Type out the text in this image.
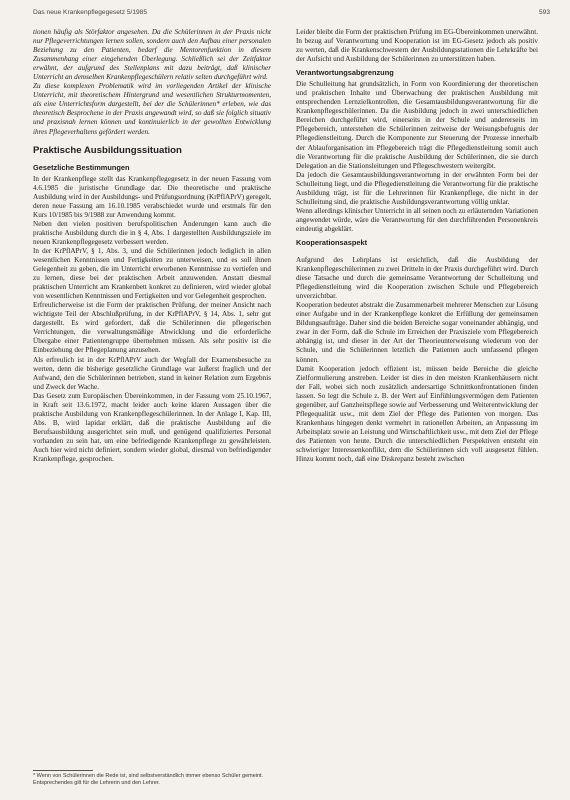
Das neue Krankenpflegegesetz 5/1985	593

tionen häufig als Störfaktor angesehen. Da die Schülerinnen in der Praxis nicht nur Pflegeverrichtungen lernen sollen, sondern auch den Aufbau einer personalen Beziehung zu den Patienten, bedarf die Mentorenfunktion in diesem Zusammenhang einer eingehenden Überlegung. Schließlich sei der Zeitfaktor erwähnt, der aufgrund des Stellenplans mit dazu beiträgt, daß klinischer Unterricht an demselben Krankenpflegeschülern relativ selten durchgeführt wird.

Zu diese komplexen Problematik wird im vorliegenden Artikel der klinische Unterricht, mit theoretischem Hintergrund und wesentlichen Strukturmomenten, als eine Unterrichtsform dargestellt, bei der die Schülerinnen* erleben, wie das theoretisch Besprochene in der Praxis angewandt wird, so daß sie folglich situativ und praxisnah lernen können und kontinuierlich in der gewollten Entwicklung ihres Pflegeverhaltens gefördert werden.

Praktische Ausbildungssituation
Gesetzliche Bestimmungen

In der Krankenpflege stellt das Krankenpflegegesetz in der neuen Fassung vom 4.6.1985 die juristische Grundlage dar. Die theoretische und praktische Ausbildung wird in der Ausbildungs- und Prüfungsordnung (KrPflAPrV) geregelt, deren neue Fassung am 16.10.1985 verabschiedet wurde und erstmals für den Kurs 10/1985 bis 9/1988 zur Anwendung kommt.

Neben den vielen positiven berufspolitischen Änderungen kann auch die praktische Ausbildung durch die in § 4, Abs. 1 dargestellten Ausbildungsziele im neuen Krankenpflegegesetz verbessert werden.

In der KrPflAPrV, § 1, Abs. 3, und die Schülerinnen jedoch lediglich in allen wesentlichen Kenntnissen und Fertigkeiten zu unterweisen, und es soll ihnen Gelegenheit zu geben, die im Unterricht erworbenen Kenntnisse zu vertiefen und zu lernen, diese bei der praktischen Arbeit anzuwenden. Anstatt diesmal praktischen Unterricht am Krankenbett konkret zu definieren, wird wieder global von wesentlichen Kenntnissen und Fertigkeiten und vor Gelegenheit gesprochen.

Erfreulicherweise ist die Form der praktischen Prüfung, der meiner Ansicht nach wichtigste Teil der Abschlußprüfung, in der KrPflAPrV, § 14, Abs. 1, sehr gut dargestellt. Es wird gefordert, daß die Schülerinnen die pflegerischen Verrichtungen, die verwaltungsmäßige Abwicklung und die erforderliche Übergabe einer Patientengruppe übernehmen müssen. Als sehr positiv ist die Einbeziehung der Pflegeplanung anzusehen.

Als erfreulich ist in der KrPflAPrV auch der Wegfall der Examensbesuche zu werten, denn die bisherige gesetzliche Grundlage war äußerst fraglich und der Aufwand, den die Schülerinnen betrieben, stand in keiner Relation zum Ergebnis und Zweck der Wache.

Das Gesetz zum Europäischen Übereinkommen, in der Fassung vom 25.10.1967, in Kraft seit 13.6.1972, macht leider auch keine klaren Aussagen über die praktische Ausbildung von Krankenpflegeschülerinnen. In der Anlage I, Kap. III, Abs. B, wird lapidar erklärt, daß die praktische Ausbildung auf die Berufsausbildung ausgerichtet sein muß, und genügend qualifiziertes Personal vorhanden zu sein hat, um eine befriedigende Krankenpflege zu gewährleisten. Auch hier wird nicht definiert, sondern wieder global, diesmal von befriedigender Krankenpflege, gesprochen.

Leider bleibt die Form der praktischen Prüfung im EG-Übereinkommen unerwähnt. In bezug auf Verantwortung und Kooperation ist im EG-Gesetz jedoch als positiv zu werten, daß die Krankenschwestern der Ausbildungsstationen die Lehrkräfte bei der Aufsicht und Ausbildung der Schülerinnen zu unterstützen haben.

Verantwortungsabgrenzung

Die Schulleitung hat grundsätzlich, in Form von Koordinierung der theoretischen und praktischen Inhalte und Überwachung der praktischen Ausbildung mit entsprechenden Lernzielkontrollen, die Gesamtausbildungsverantwortung für die Krankenpflegeschülerinnen. Da die Ausbildung jedoch in zwei unterschiedlichen Bereichen durchgeführt wird, einerseits in der Schule und andererseits im Pflegebereich, unterstehen die Schülerinnen zeitweise der Weisungsbefugnis der Pflegedienstleitung. Durch die Komponente zur Steuerung der Prozesse innerhalb der Ablauforganisation im Pflegebereich trägt die Pflegedienstleitung somit auch die Verantwortung für die praktische Ausbildung der Schülerinnen, die sie durch Delegation an die Stationsleitungen und Pflegeschwestern weitergibt.

Da jedoch die Gesamtausbildungsverantwortung in der erwähnten Form bei der Schulleitung liegt, und die Pflegedienstleitung die Verantwortung für die praktische Ausbildung trägt, ist für die Lehrerinnen für Krankenpflege, die nicht in der Schulleitung sind, die praktische Ausbildungsverantwortung völlig unklar.

Wenn allerdings klinischer Unterricht in all seinen noch zu erläuternden Variationen angewendet würde, wäre die Verantwortung für den durchführenden Personenkreis eindeutig abgeklärt.

Kooperationsaspekt

Aufgrund des Lehrplans ist ersichtlich, daß die Ausbildung der Krankenpflegeschülerinnen zu zwei Dritteln in der Praxis durchgeführt wird. Durch diese Tatsache und durch die gemeinsame Verantwortung der Schulleitung und Pflegedienstleitung wird die Kooperation zwischen Schule und Pflegebereich unverzichtbar.

Kooperation bedeutet abstrakt die Zusammenarbeit mehrerer Menschen zur Lösung einer Aufgabe und in der Krankenpflege konkret die Erfüllung der gemeinsamen Bildungsaufträge. Daher sind die beiden Bereiche sogar voneinander abhängig, und zwar in der Form, daß die Schule im Erreichen der Praxisziele vom Pflegebereich abhängig ist, und dieser in der Art der Theorieunterweisung wiederum von der Schule, und die Schülerinnen letztlich die Patienten auch umfassend pflegen können.

Damit Kooperation jedoch effizient ist, müssen beide Bereiche die gleiche Zielformulierung anstreben. Leider ist dies in den meisten Krankenhäusern nicht der Fall, wobei sich noch zusätzlich andersartige Schnittkonfrontationen finden lassen. So legt die Schule z. B. der Wert auf Einfühlungsvermögen dem Patienten gegenüber, auf Ganzheitspflege sowie auf Verbesserung und Weiterentwicklung der Pflegequalität usw., mit dem Ziel der Pflege des Patienten von morgen. Das Krankenhaus hingegen denkt vermehrt in rationellen Arbeiten, an Anpassung im Arbeitsplatz sowie an Leistung und Wirtschaftlichkeit usw., mit dem Ziel der Pflege des Patienten von heute. Durch die unterschiedlichen Perspektiven entsteht ein schwieriger Interessenkonflikt, dem die Schülerinnen sich voll ausgesetzt fühlen. Hinzu kommt noch, daß eine Diskrepanz besteht zwischen

* Wenn von Schülerinnen die Rede ist, sind selbstverständlich immer ebenso Schüler gemeint. Entsprechendes gilt für die Lehrerin und den Lehrer.
